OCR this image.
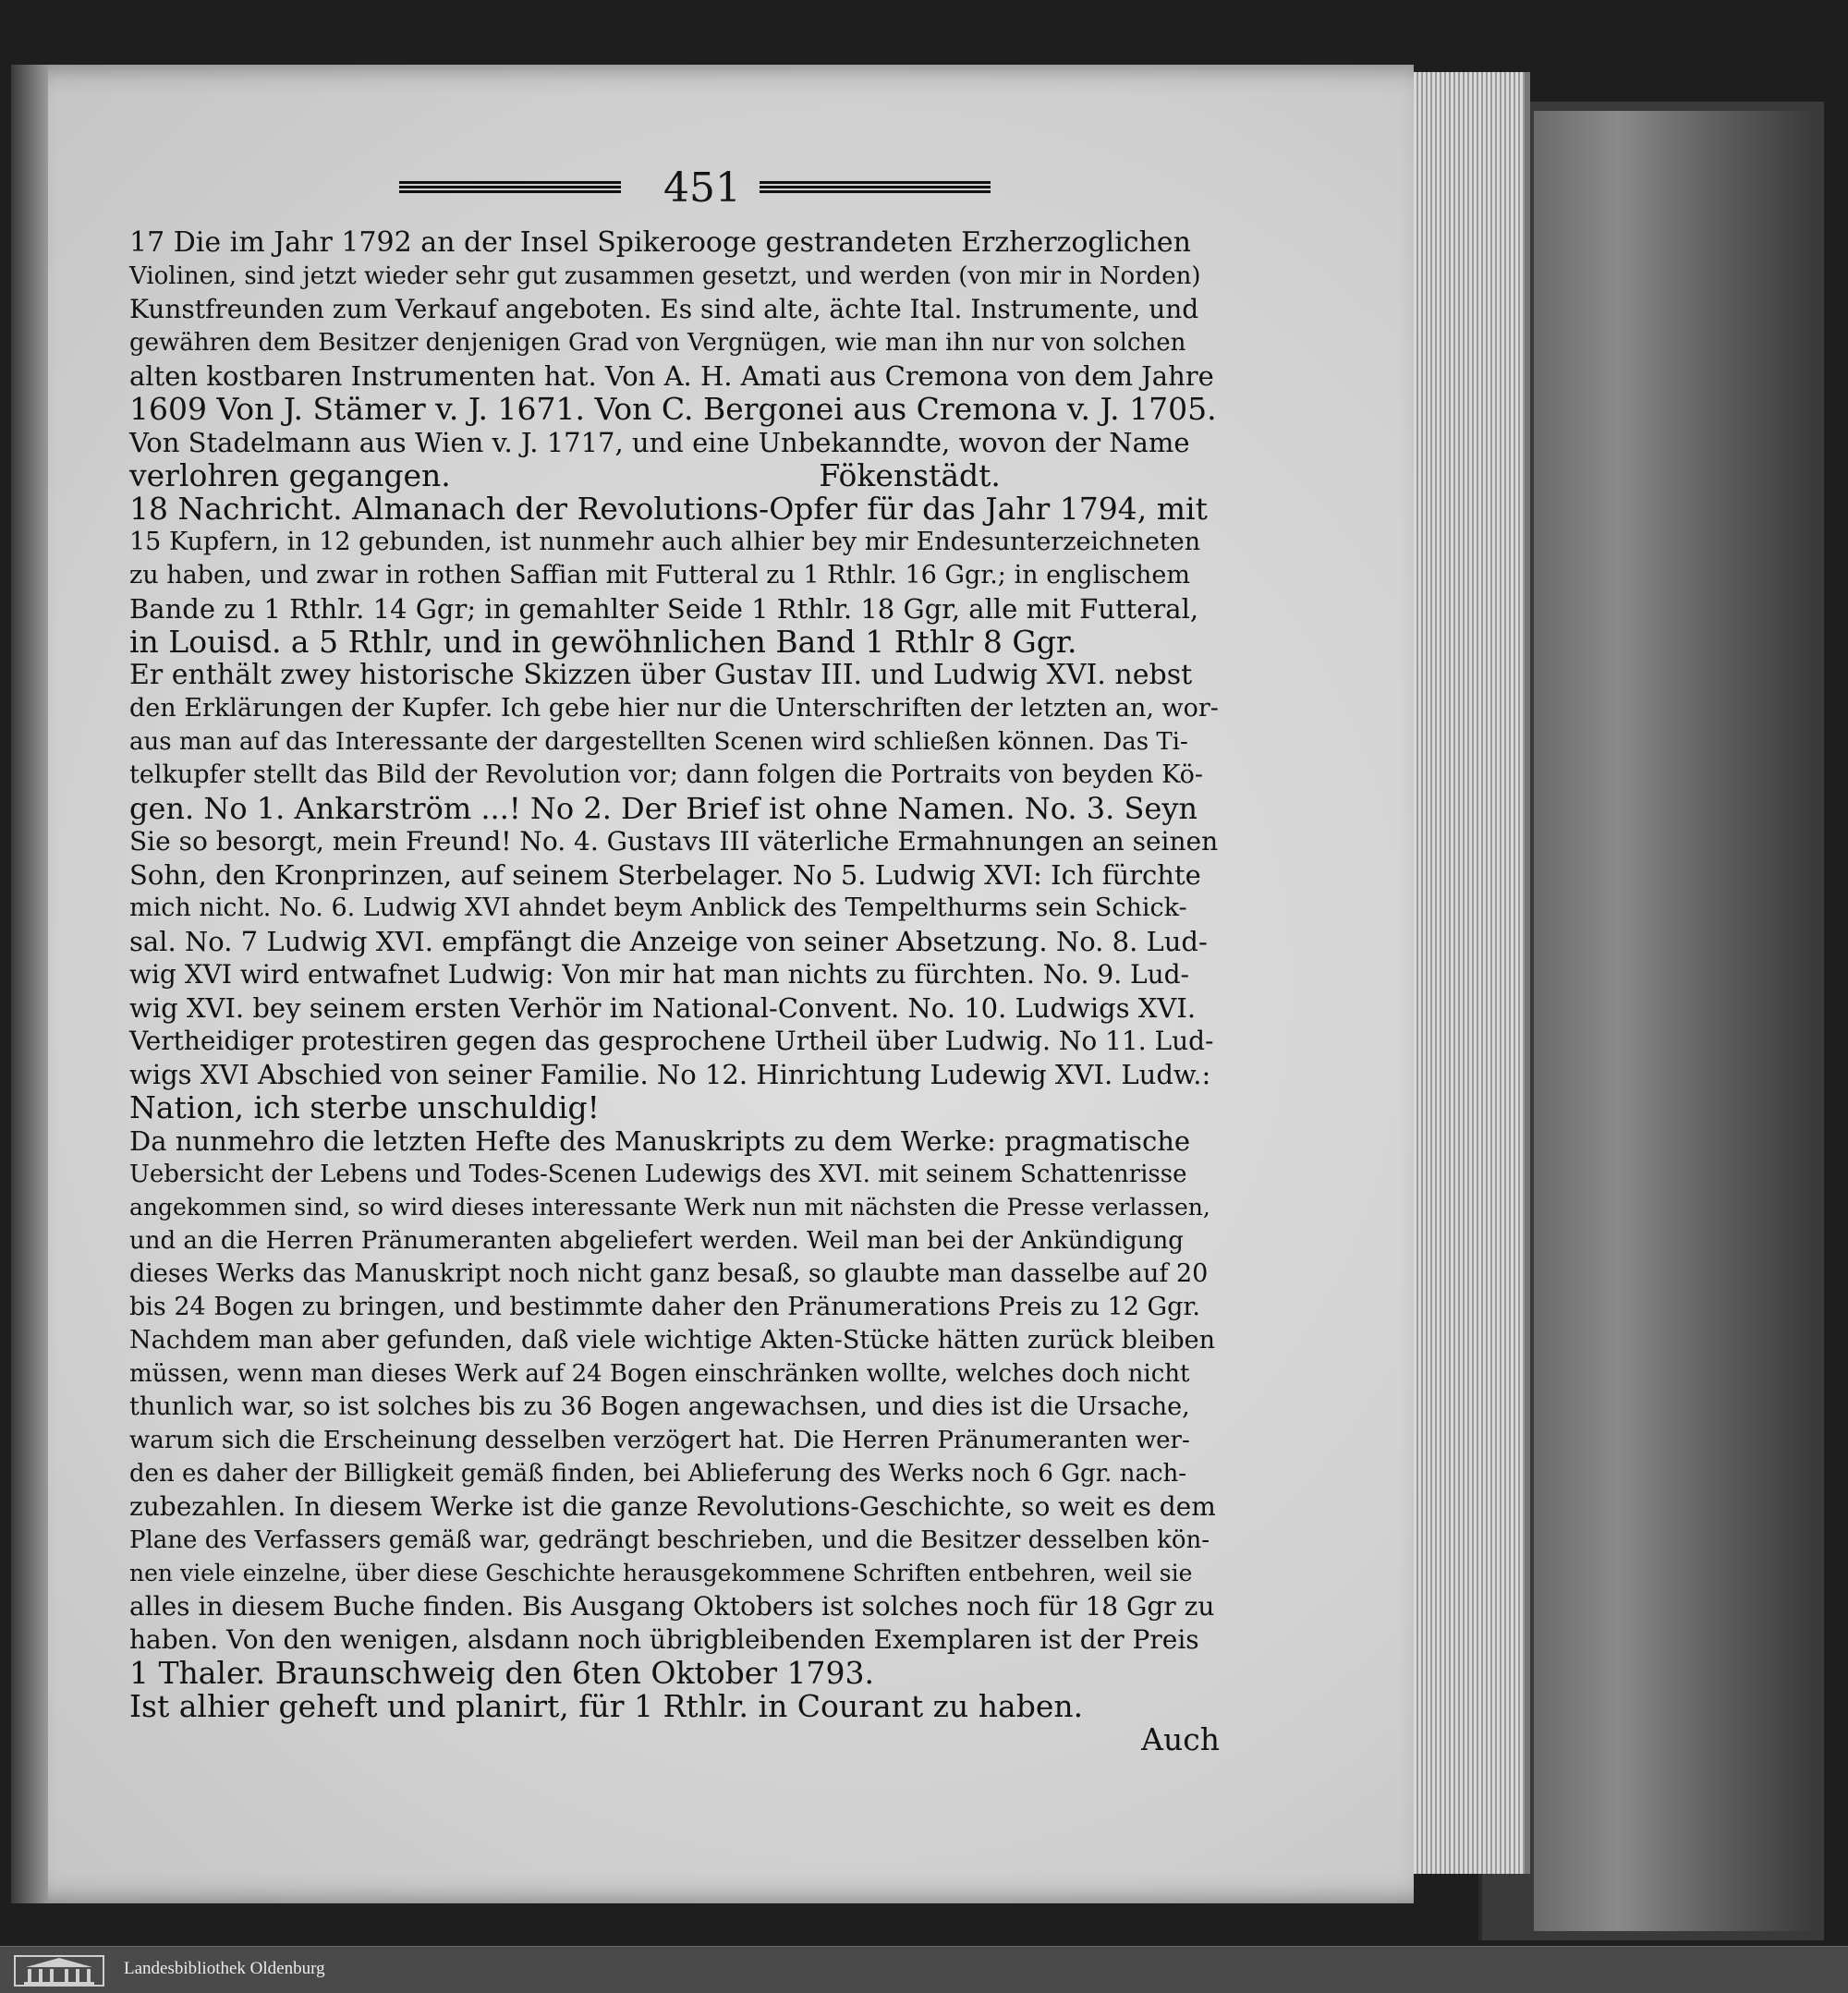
451
17 Die im Jahr 1792 an der Insel Spikerooge gestrandeten Erzherzoglichen
Violinen, sind jetzt wieder sehr gut zusammen gesetzt, und werden (von mir in Norden)
Kunstfreunden zum Verkauf angeboten. Es sind alte, ächte Ital. Instrumente, und
gewähren dem Besitzer denjenigen Grad von Vergnügen, wie man ihn nur von solchen
alten kostbaren Instrumenten hat. Von A. H. Amati aus Cremona von dem Jahre
1609 Von J. Stämer v. J. 1671. Von C. Bergonei aus Cremona v. J. 1705.
Von Stadelmann aus Wien v. J. 1717, und eine Unbekanndte, wovon der Name
verlohren gegangen.                                      Fökenstädt.
18 Nachricht. Almanach der Revolutions-Opfer für das Jahr 1794, mit
15 Kupfern, in 12 gebunden, ist nunmehr auch alhier bey mir Endesunterzeichneten
zu haben, und zwar in rothen Saffian mit Futteral zu 1 Rthlr. 16 Ggr.; in englischem
Bande zu 1 Rthlr. 14 Ggr; in gemahlter Seide 1 Rthlr. 18 Ggr, alle mit Futteral,
in Louisd. a 5 Rthlr, und in gewöhnlichen Band 1 Rthlr 8 Ggr.
Er enthält zwey historische Skizzen über Gustav III. und Ludwig XVI. nebst
den Erklärungen der Kupfer. Ich gebe hier nur die Unterschriften der letzten an, wor-
aus man auf das Interessante der dargestellten Scenen wird schließen können. Das Ti-
telkupfer stellt das Bild der Revolution vor; dann folgen die Portraits von beyden Kö-
gen. No 1. Ankarström ...! No 2. Der Brief ist ohne Namen. No. 3. Seyn
Sie so besorgt, mein Freund! No. 4. Gustavs III väterliche Ermahnungen an seinen
Sohn, den Kronprinzen, auf seinem Sterbelager. No 5. Ludwig XVI: Ich fürchte
mich nicht. No. 6. Ludwig XVI ahndet beym Anblick des Tempelthurms sein Schick-
sal. No. 7 Ludwig XVI. empfängt die Anzeige von seiner Absetzung. No. 8. Lud-
wig XVI wird entwafnet Ludwig: Von mir hat man nichts zu fürchten. No. 9. Lud-
wig XVI. bey seinem ersten Verhör im National-Convent. No. 10. Ludwigs XVI.
Vertheidiger protestiren gegen das gesprochene Urtheil über Ludwig. No 11. Lud-
wigs XVI Abschied von seiner Familie. No 12. Hinrichtung Ludewig XVI. Ludw.:
Nation, ich sterbe unschuldig!
Da nunmehro die letzten Hefte des Manuskripts zu dem Werke: pragmatische
Uebersicht der Lebens und Todes-Scenen Ludewigs des XVI. mit seinem Schattenrisse
angekommen sind, so wird dieses interessante Werk nun mit nächsten die Presse verlassen,
und an die Herren Pränumeranten abgeliefert werden. Weil man bei der Ankündigung
dieses Werks das Manuskript noch nicht ganz besaß, so glaubte man dasselbe auf 20
bis 24 Bogen zu bringen, und bestimmte daher den Pränumerations Preis zu 12 Ggr.
Nachdem man aber gefunden, daß viele wichtige Akten-Stücke hätten zurück bleiben
müssen, wenn man dieses Werk auf 24 Bogen einschränken wollte, welches doch nicht
thunlich war, so ist solches bis zu 36 Bogen angewachsen, und dies ist die Ursache,
warum sich die Erscheinung desselben verzögert hat. Die Herren Pränumeranten wer-
den es daher der Billigkeit gemäß finden, bei Ablieferung des Werks noch 6 Ggr. nach-
zubezahlen. In diesem Werke ist die ganze Revolutions-Geschichte, so weit es dem
Plane des Verfassers gemäß war, gedrängt beschrieben, und die Besitzer desselben kön-
nen viele einzelne, über diese Geschichte herausgekommene Schriften entbehren, weil sie
alles in diesem Buche finden. Bis Ausgang Oktobers ist solches noch für 18 Ggr zu
haben. Von den wenigen, alsdann noch übrigbleibenden Exemplaren ist der Preis
1 Thaler. Braunschweig den 6ten Oktober 1793.
Ist alhier geheft und planirt, für 1 Rthlr. in Courant zu haben.
Auch
Landesbibliothek Oldenburg
